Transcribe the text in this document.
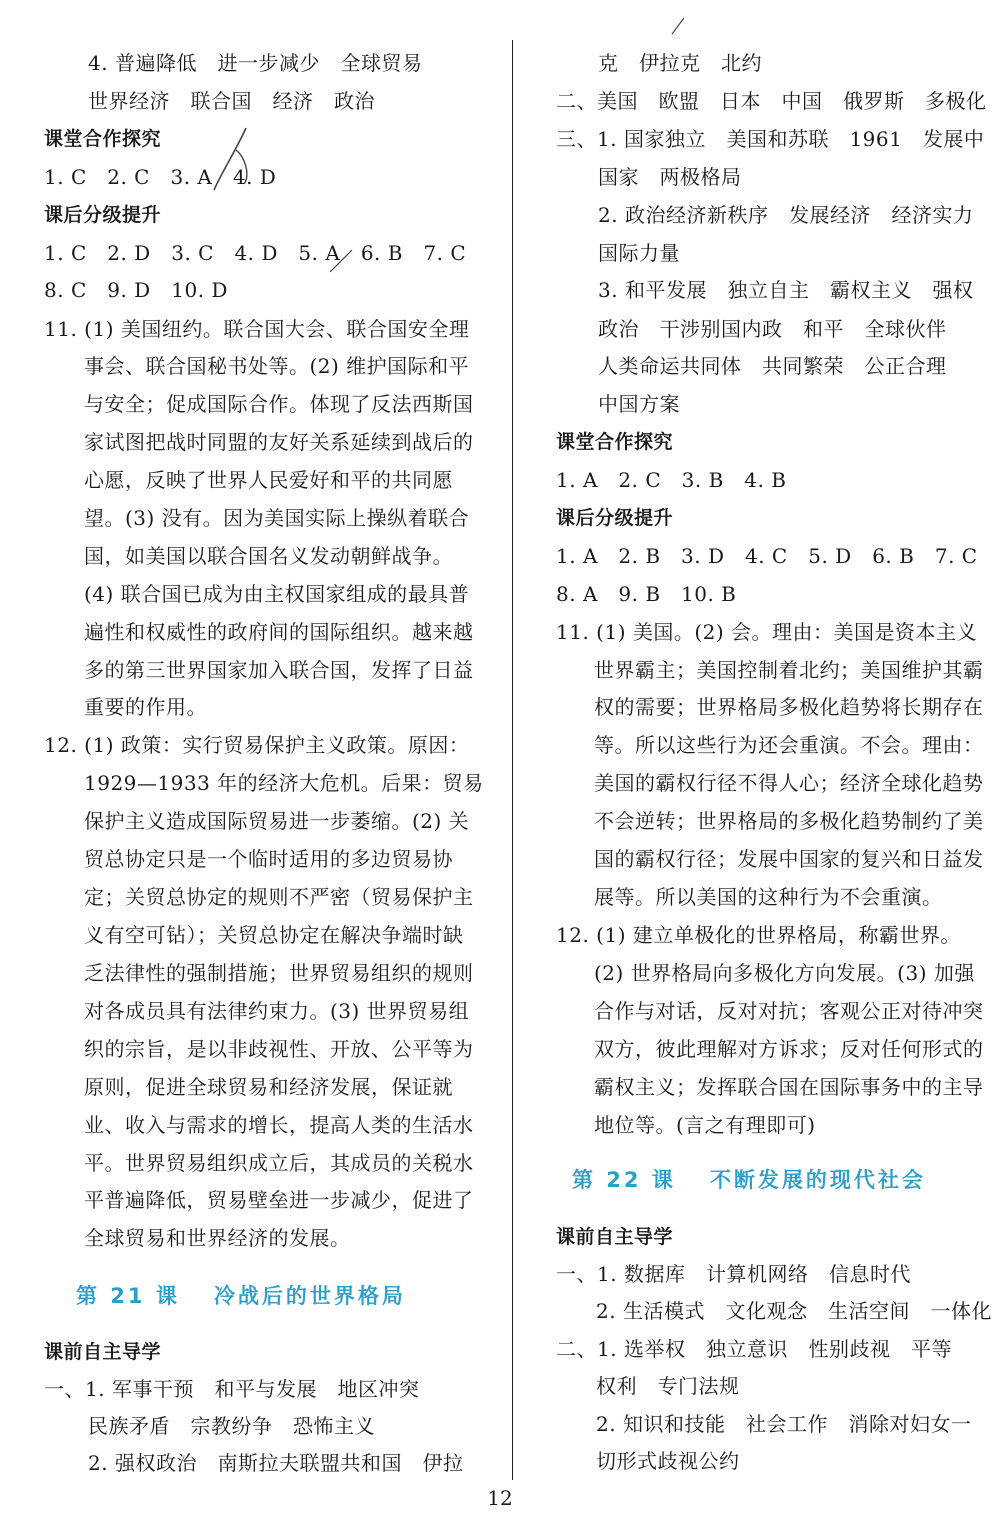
4. 普遍降低　进一步减少　全球贸易
世界经济　联合国　经济　政治
课堂合作探究
1. C　2. C　3. A　4. D
课后分级提升
1. C　2. D　3. C　4. D　5. A　6. B　7. C
8. C　9. D　10. D
11. (1) 美国纽约。联合国大会、联合国安全理
事会、联合国秘书处等。(2) 维护国际和平
与安全；促成国际合作。体现了反法西斯国
家试图把战时同盟的友好关系延续到战后的
心愿，反映了世界人民爱好和平的共同愿
望。(3) 没有。因为美国实际上操纵着联合
国，如美国以联合国名义发动朝鲜战争。
(4) 联合国已成为由主权国家组成的最具普
遍性和权威性的政府间的国际组织。越来越
多的第三世界国家加入联合国，发挥了日益
重要的作用。
12. (1) 政策：实行贸易保护主义政策。原因：
1929—1933 年的经济大危机。后果：贸易
保护主义造成国际贸易进一步萎缩。(2) 关
贸总协定只是一个临时适用的多边贸易协
定；关贸总协定的规则不严密（贸易保护主
义有空可钻）；关贸总协定在解决争端时缺
乏法律性的强制措施；世界贸易组织的规则
对各成员具有法律约束力。(3) 世界贸易组
织的宗旨，是以非歧视性、开放、公平等为
原则，促进全球贸易和经济发展，保证就
业、收入与需求的增长，提高人类的生活水
平。世界贸易组织成立后，其成员的关税水
平普遍降低，贸易壁垒进一步减少，促进了
全球贸易和世界经济的发展。
第 21 课 冷战后的世界格局
课前自主导学
一、1. 军事干预　和平与发展　地区冲突
民族矛盾　宗教纷争　恐怖主义
2. 强权政治　南斯拉夫联盟共和国　伊拉
克　伊拉克　北约
二、美国　欧盟　日本　中国　俄罗斯　多极化
三、1. 国家独立　美国和苏联　1961　发展中
国家　两极格局
2. 政治经济新秩序　发展经济　经济实力
国际力量
3. 和平发展　独立自主　霸权主义　强权
政治　干涉别国内政　和平　全球伙伴
人类命运共同体　共同繁荣　公正合理
中国方案
课堂合作探究
1. A　2. C　3. B　4. B
课后分级提升
1. A　2. B　3. D　4. C　5. D　6. B　7. C
8. A　9. B　10. B
11. (1) 美国。(2) 会。理由：美国是资本主义
世界霸主；美国控制着北约；美国维护其霸
权的需要；世界格局多极化趋势将长期存在
等。所以这些行为还会重演。不会。理由：
美国的霸权行径不得人心；经济全球化趋势
不会逆转；世界格局的多极化趋势制约了美
国的霸权行径；发展中国家的复兴和日益发
展等。所以美国的这种行为不会重演。
12. (1) 建立单极化的世界格局，称霸世界。
(2) 世界格局向多极化方向发展。(3) 加强
合作与对话，反对对抗；客观公正对待冲突
双方，彼此理解对方诉求；反对任何形式的
霸权主义；发挥联合国在国际事务中的主导
地位等。(言之有理即可)
第 22 课 不断发展的现代社会
课前自主导学
一、1. 数据库　计算机网络　信息时代
2. 生活模式　文化观念　生活空间　一体化
二、1. 选举权　独立意识　性别歧视　平等
权利　专门法规
2. 知识和技能　社会工作　消除对妇女一
切形式歧视公约
12
